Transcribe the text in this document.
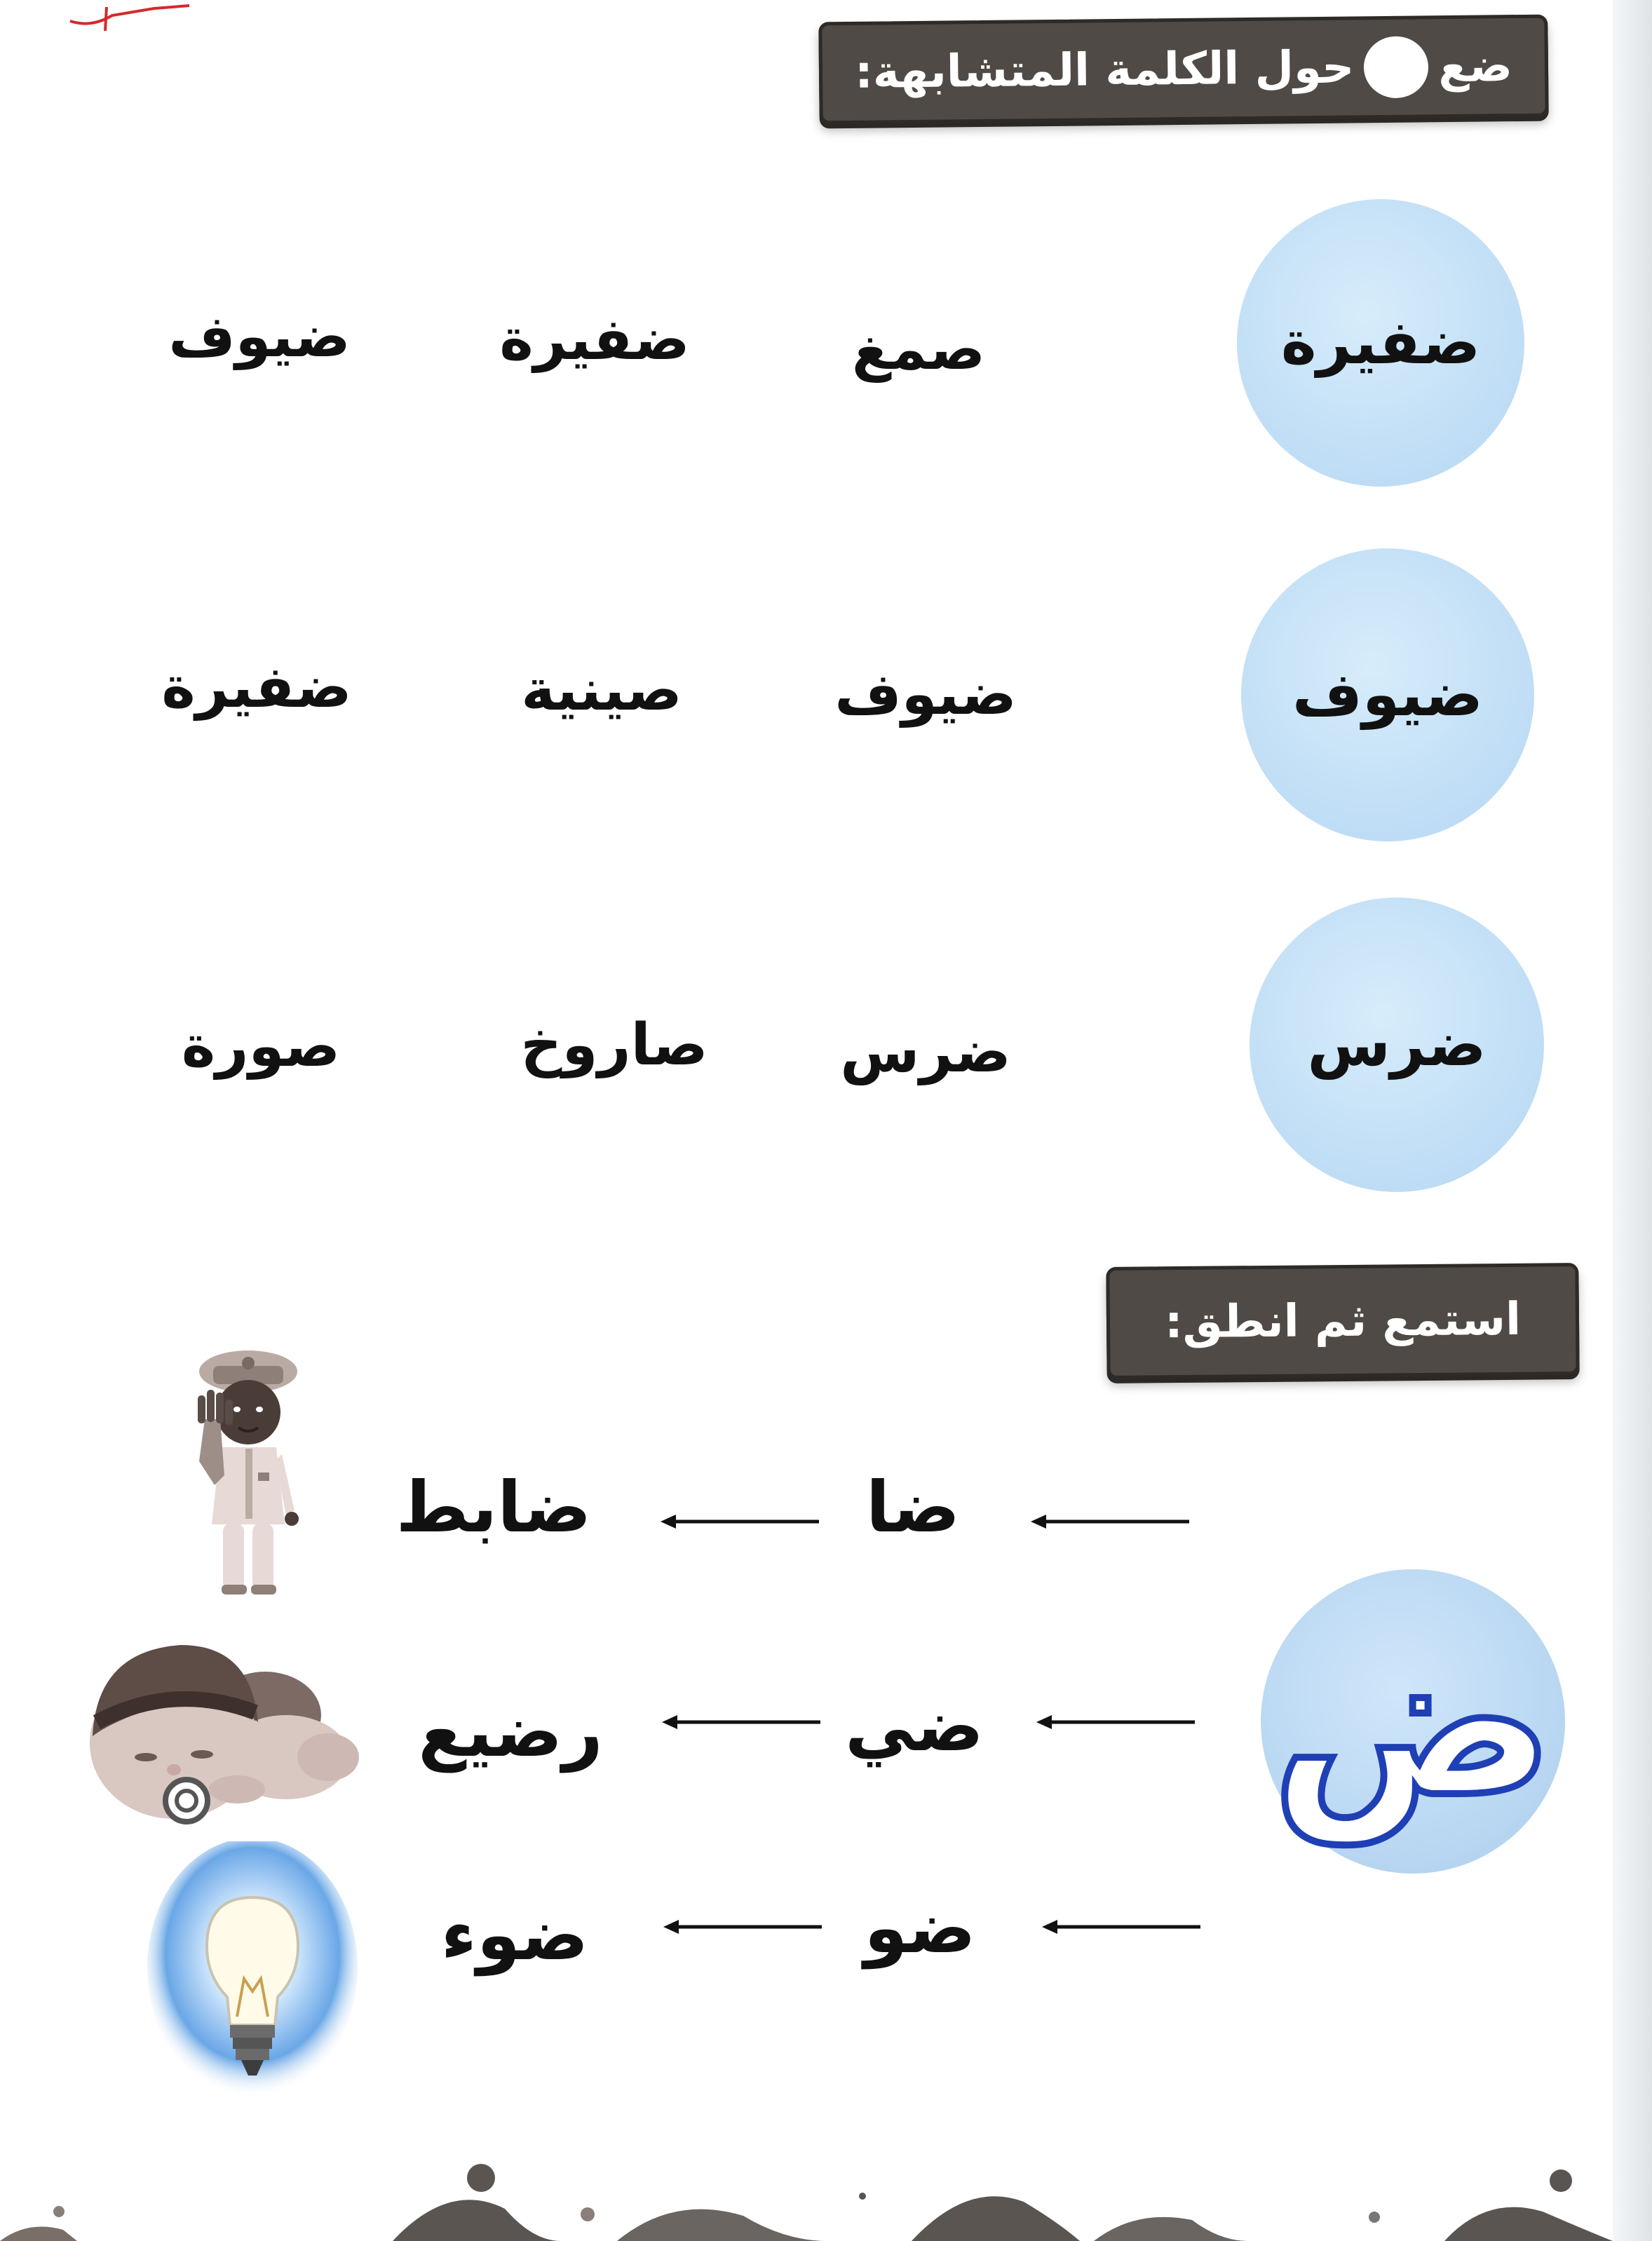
ضع
حول الكلمة المتشابهة:
ضفيرة
صمغ
ضفيرة
ضيوف
ضيوف
ضيوف
صينية
ضفيرة
ضرس
ضرس
صاروخ
صورة
استمع ثم انطق:
ض
ضا
ضابط
ضي
رضيع
ضو
ضوء
